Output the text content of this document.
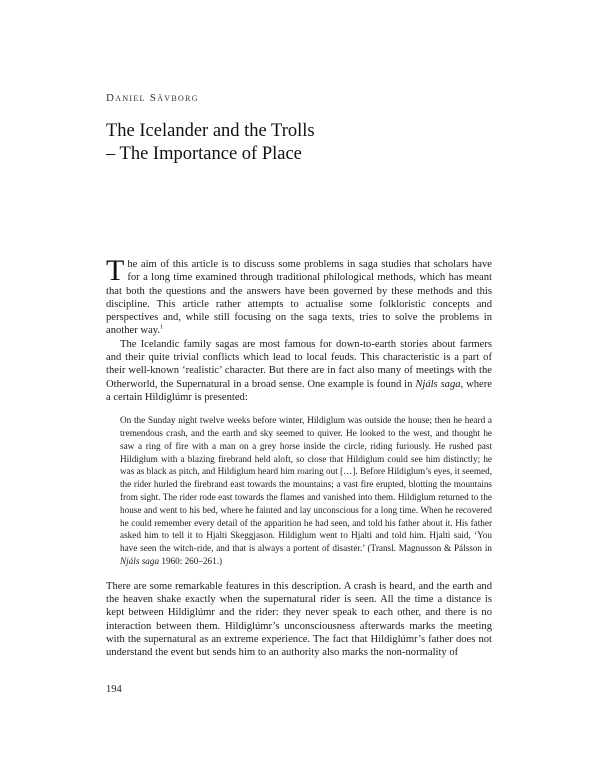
Daniel Sävborg
The Icelander and the Trolls
– The Importance of Place

The aim of this article is to discuss some problems in saga studies that scholars have for a long time examined through traditional philological methods, which has meant that both the questions and the answers have been governed by these methods and this discipline. This article rather attempts to actualise some folkloristic concepts and perspectives and, while still focusing on the saga texts, tries to solve the problems in another way.$^1$

The Icelandic family sagas are most famous for down-to-earth stories about farmers and their quite trivial conflicts which lead to local feuds. This characteristic is a part of their well-known ‘realistic’ character. But there are in fact also many of meetings with the Otherworld, the Supernatural in a broad sense. One example is found in Njáls saga, where a certain Hildiglúmr is presented:

On the Sunday night twelve weeks before winter, Hildiglum was outside the house; then he heard a tremendous crash, and the earth and sky seemed to quiver. He looked to the west, and thought he saw a ring of fire with a man on a grey horse inside the circle, riding furiously. He rushed past Hildiglum with a blazing firebrand held aloft, so close that Hildiglum could see him distinctly; he was as black as pitch, and Hildiglum heard him roaring out […]. Before Hildiglum’s eyes, it seemed, the rider hurled the firebrand east towards the mountains; a vast fire erupted, blotting the mountains from sight. The rider rode east towards the flames and vanished into them. Hildiglum returned to the house and went to his bed, where he fainted and lay unconscious for a long time. When he recovered he could remember every detail of the apparition he had seen, and told his father about it. His father asked him to tell it to Hjalti Skeggjason. Hildiglum went to Hjalti and told him. Hjalti said, ‘You have seen the witch-ride, and that is always a portent of disaster.’ (Transl. Magnusson & Pálsson in Njáls saga 1960: 260–261.)

There are some remarkable features in this description. A crash is heard, and the earth and the heaven shake exactly when the supernatural rider is seen. All the time a distance is kept between Hildiglúmr and the rider: they never speak to each other, and there is no interaction between them. Hildiglúmr’s unconsciousness afterwards marks the meeting with the supernatural as an extreme experience. The fact that Hildiglúmr’s father does not understand the event but sends him to an authority also marks the non-normality of

194
